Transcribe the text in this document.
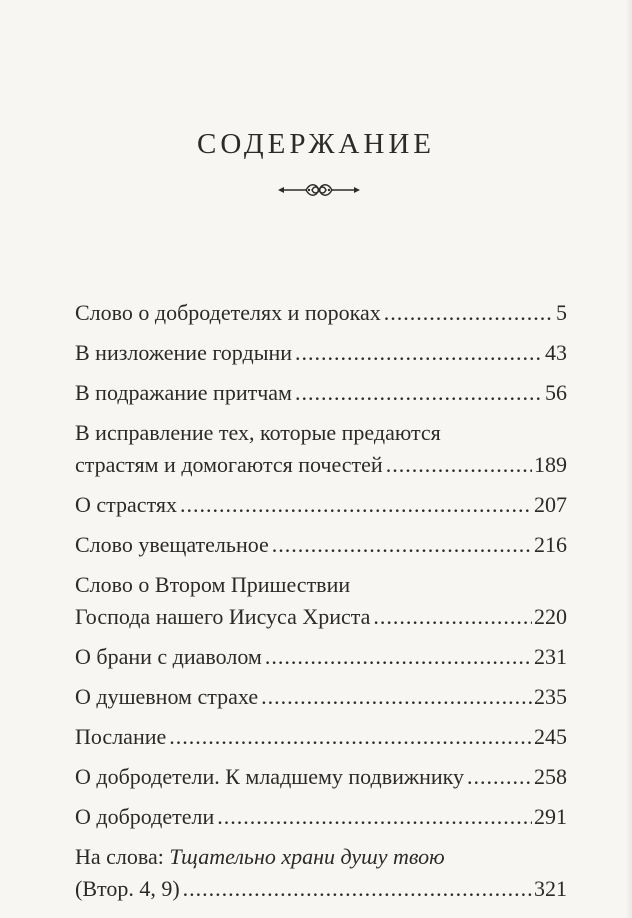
СОДЕРЖАНИЕ
Слово о добродетелях и пороках .....	5
В низложение гордыни .....	43
В подражание притчам .....	56
В исправление тех, которые предаются
страстям и домогаются почестей .....	189
О страстях .....	207
Слово увещательное .....	216
Слово о Втором Пришествии
Господа нашего Иисуса Христа .....	220
О брани с диаволом .....	231
О душевном страхе .....	235
Послание .....	245
О добродетели. К младшему подвижнику .....	258
О добродетели .....	291
На слова: Тщательно храни душу твою
(Втор. 4, 9) .....	321
